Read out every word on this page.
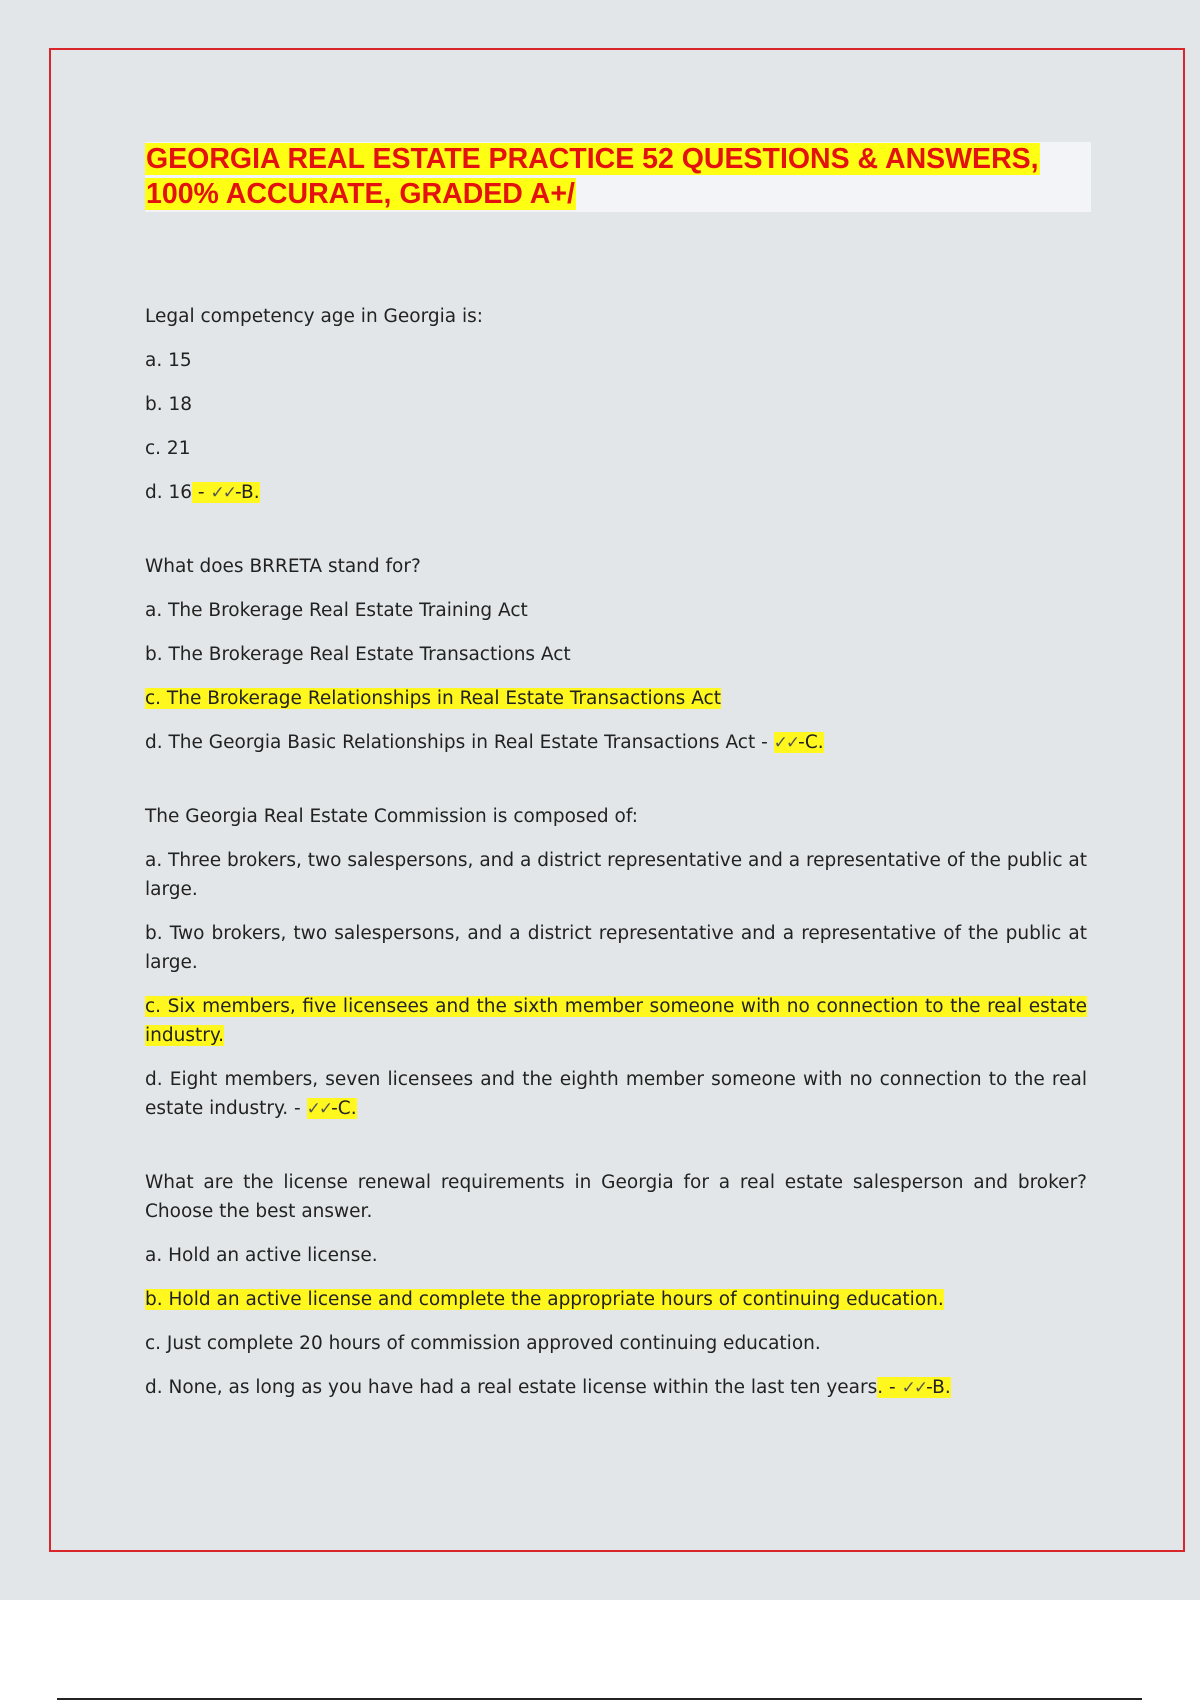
GEORGIA REAL ESTATE PRACTICE 52 QUESTIONS & ANSWERS,
100% ACCURATE, GRADED A+/

Legal competency age in Georgia is:

a. 15

b. 18

c. 21

d. 16 - ✓✓-B.

What does BRRETA stand for?

a. The Brokerage Real Estate Training Act

b. The Brokerage Real Estate Transactions Act

c. The Brokerage Relationships in Real Estate Transactions Act

d. The Georgia Basic Relationships in Real Estate Transactions Act - ✓✓-C.

The Georgia Real Estate Commission is composed of:

a. Three brokers, two salespersons, and a district representative and a representative of the public at large.

b. Two brokers, two salespersons, and a district representative and a representative of the public at large.

c. Six members, five licensees and the sixth member someone with no connection to the real estate industry.

d. Eight members, seven licensees and the eighth member someone with no connection to the real estate industry. - ✓✓-C.

What are the license renewal requirements in Georgia for a real estate salesperson and broker? Choose the best answer.

a. Hold an active license.

b. Hold an active license and complete the appropriate hours of continuing education.

c. Just complete 20 hours of commission approved continuing education.

d. None, as long as you have had a real estate license within the last ten years. - ✓✓-B.
